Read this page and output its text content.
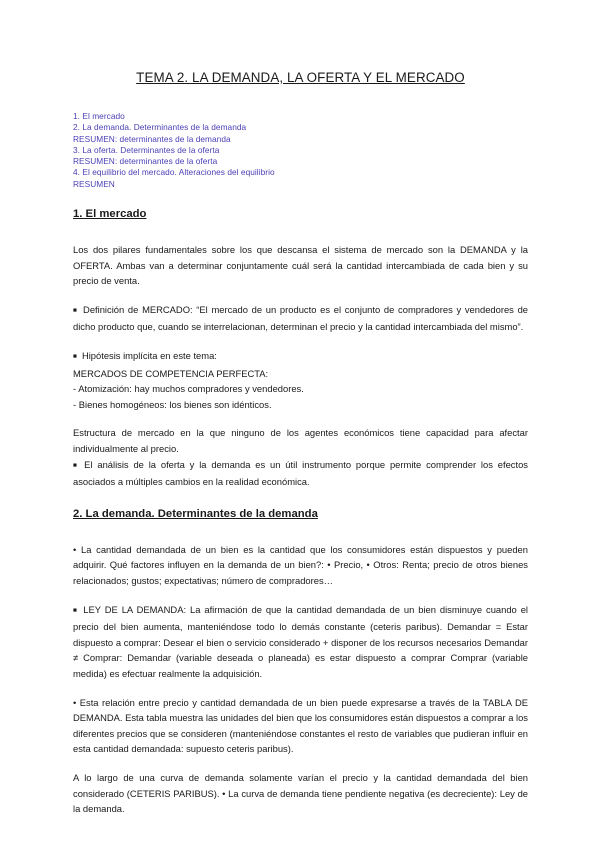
TEMA 2. LA DEMANDA, LA OFERTA Y EL MERCADO
1. El mercado
2. La demanda. Determinantes de la demanda
RESUMEN: determinantes de la demanda
3. La oferta. Determinantes de la oferta
RESUMEN: determinantes de la oferta
4. El equilibrio del mercado. Alteraciones del equilibrio
RESUMEN
1. El mercado

Los dos pilares fundamentales sobre los que descansa el sistema de mercado son la DEMANDA y la OFERTA. Ambas van a determinar conjuntamente cuál será la cantidad intercambiada de cada bien y su precio de venta.

■ Definición de MERCADO: “El mercado de un producto es el conjunto de compradores y vendedores de dicho producto que, cuando se interrelacionan, determinan el precio y la cantidad intercambiada del mismo”.

■ Hipótesis implícita en este tema:

MERCADOS DE COMPETENCIA PERFECTA:

- Atomización: hay muchos compradores y vendedores.

- Bienes homogéneos: los bienes son idénticos.

Estructura de mercado en la que ninguno de los agentes económicos tiene capacidad para afectar individualmente al precio.

■ El análisis de la oferta y la demanda es un útil instrumento porque permite comprender los efectos asociados a múltiples cambios en la realidad económica.

2. La demanda. Determinantes de la demanda

• La cantidad demandada de un bien es la cantidad que los consumidores están dispuestos y pueden adquirir. Qué factores influyen en la demanda de un bien?: • Precio, • Otros: Renta; precio de otros bienes relacionados; gustos; expectativas; número de compradores…

■ LEY DE LA DEMANDA: La afirmación de que la cantidad demandada de un bien disminuye cuando el precio del bien aumenta, manteniéndose todo lo demás constante (ceteris paribus). Demandar = Estar dispuesto a comprar: Desear el bien o servicio considerado + disponer de los recursos necesarios Demandar ≠ Comprar: Demandar (variable deseada o planeada) es estar dispuesto a comprar Comprar (variable medida) es efectuar realmente la adquisición.

• Esta relación entre precio y cantidad demandada de un bien puede expresarse a través de la TABLA DE DEMANDA. Esta tabla muestra las unidades del bien que los consumidores están dispuestos a comprar a los diferentes precios que se consideren (manteniéndose constantes el resto de variables que pudieran influir en esta cantidad demandada: supuesto ceteris paribus).

A lo largo de una curva de demanda solamente varían el precio y la cantidad demandada del bien considerado (CETERIS PARIBUS). • La curva de demanda tiene pendiente negativa (es decreciente): Ley de la demanda.
